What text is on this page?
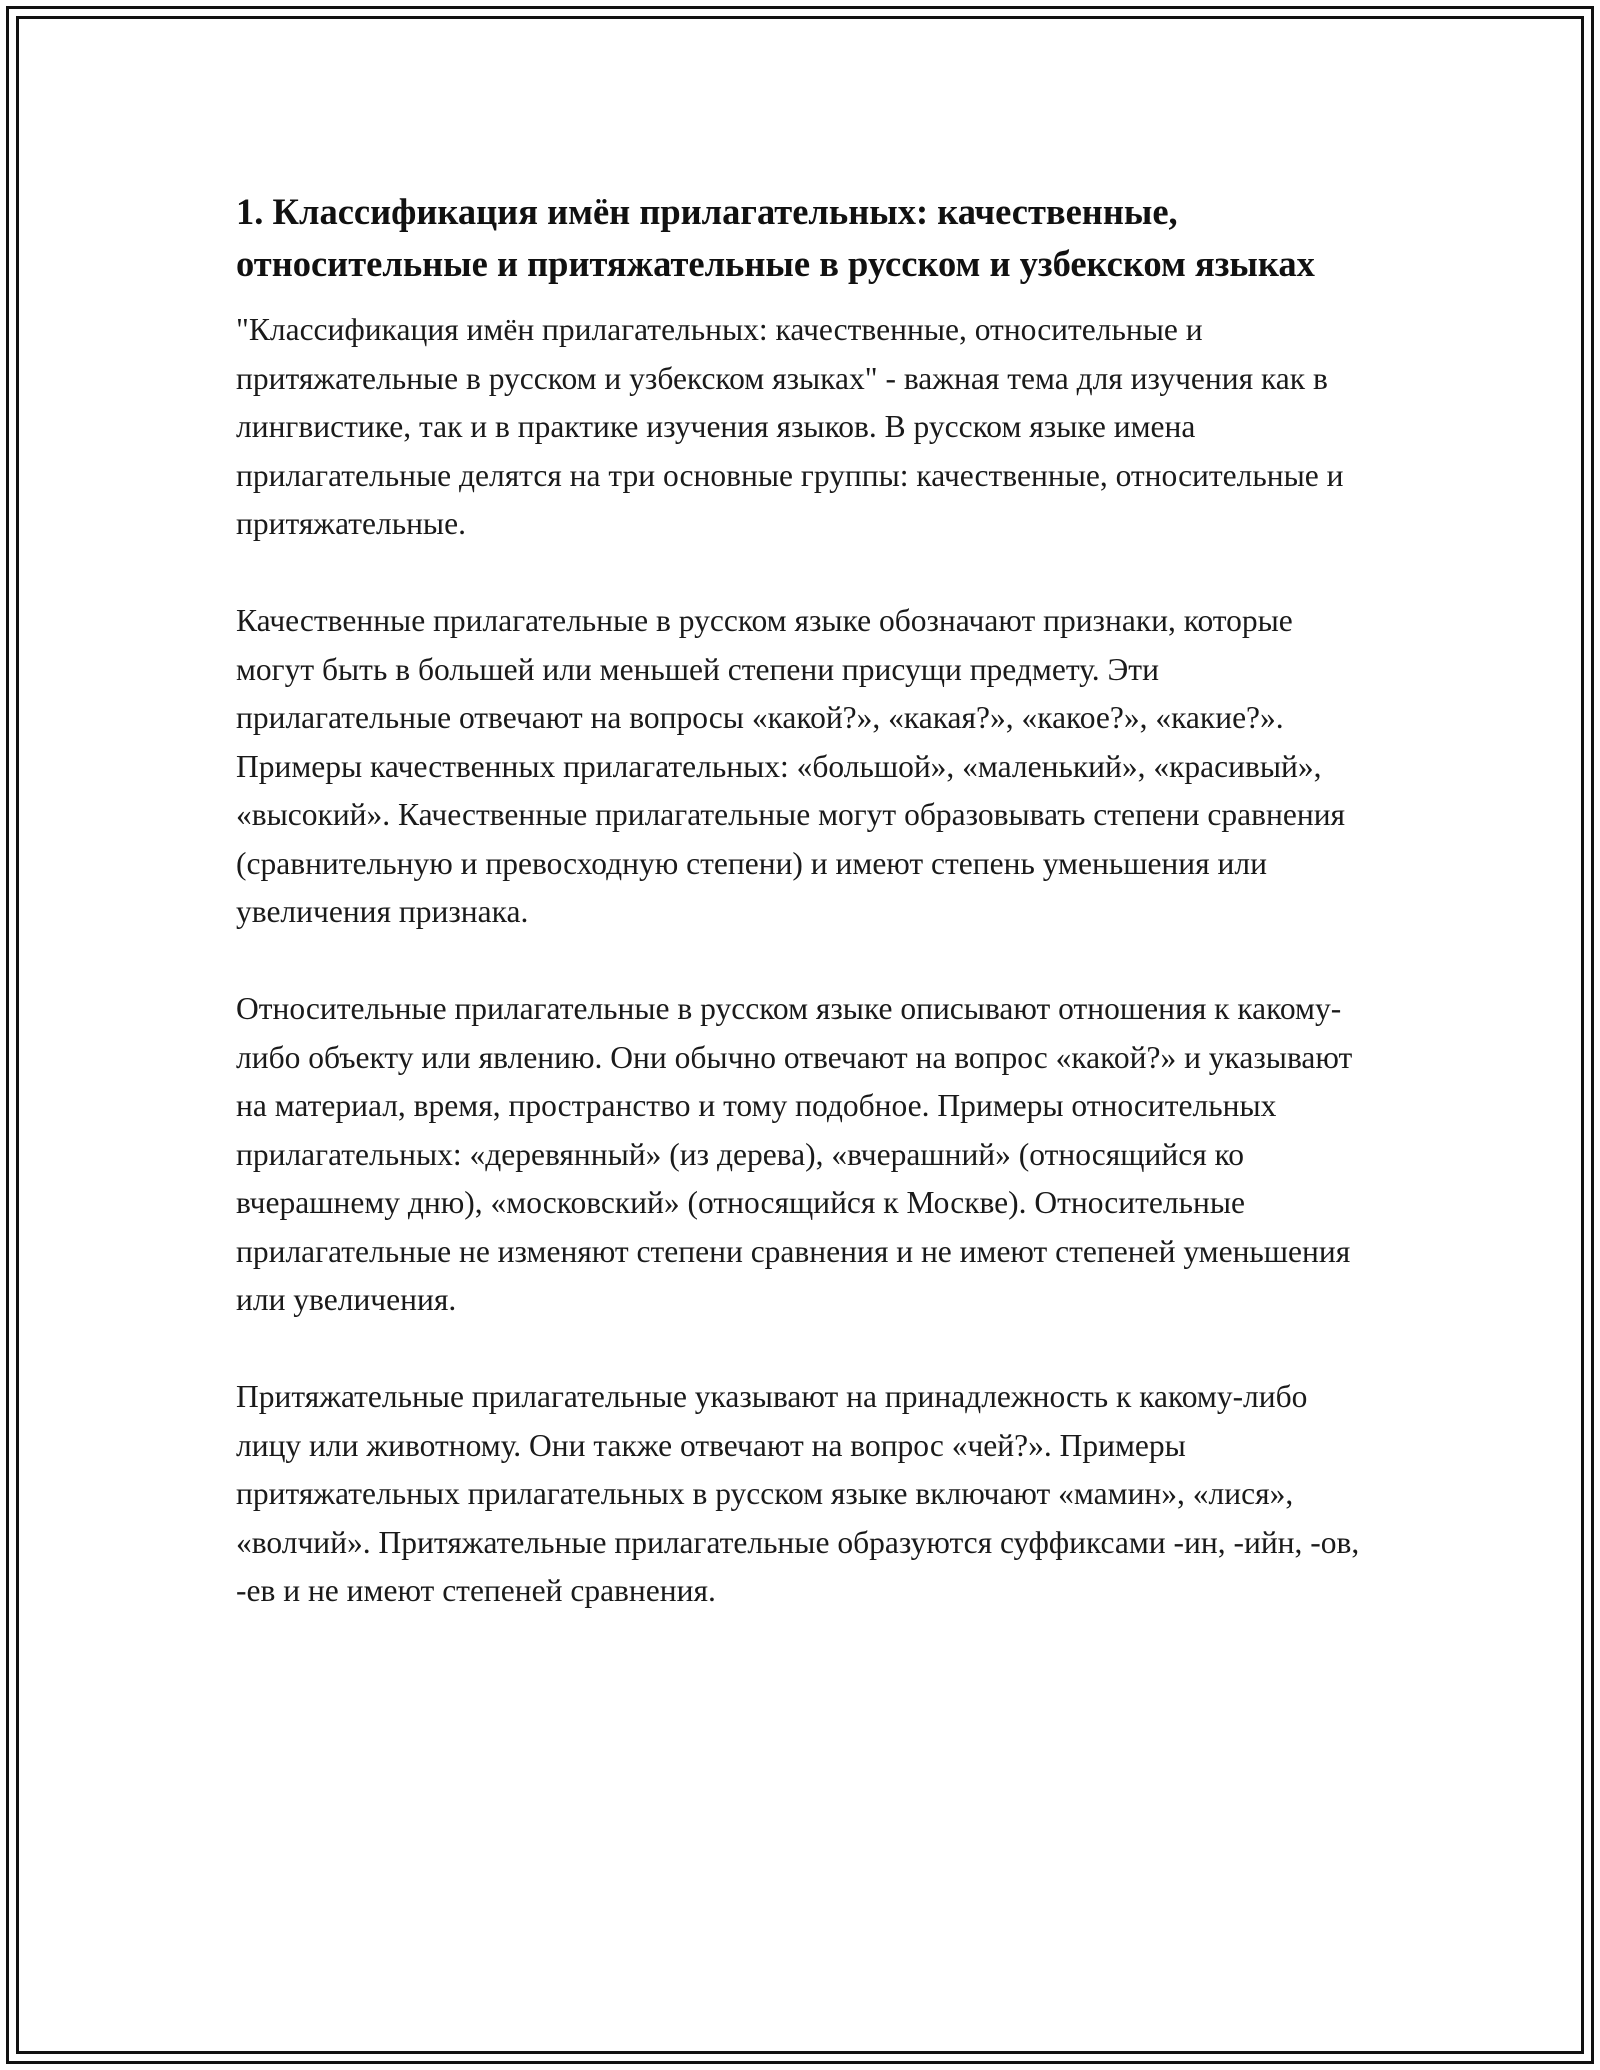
1. Классификация имён прилагательных: качественные, относительные и притяжательные в русском и узбекском языках

"Классификация имён прилагательных: качественные, относительные и притяжательные в русском и узбекском языках" - важная тема для изучения как в лингвистике, так и в практике изучения языков. В русском языке имена прилагательные делятся на три основные группы: качественные, относительные и притяжательные.

Качественные прилагательные в русском языке обозначают признаки, которые могут быть в большей или меньшей степени присущи предмету. Эти прилагательные отвечают на вопросы «какой?», «какая?», «какое?», «какие?». Примеры качественных прилагательных: «большой», «маленький», «красивый», «высокий». Качественные прилагательные могут образовывать степени сравнения (сравнительную и превосходную степени) и имеют степень уменьшения или увеличения признака.

Относительные прилагательные в русском языке описывают отношения к какому-либо объекту или явлению. Они обычно отвечают на вопрос «какой?» и указывают на материал, время, пространство и тому подобное. Примеры относительных прилагательных: «деревянный» (из дерева), «вчерашний» (относящийся ко вчерашнему дню), «московский» (относящийся к Москве). Относительные прилагательные не изменяют степени сравнения и не имеют степеней уменьшения или увеличения.

Притяжательные прилагательные указывают на принадлежность к какому-либо лицу или животному. Они также отвечают на вопрос «чей?». Примеры притяжательных прилагательных в русском языке включают «мамин», «лися», «волчий». Притяжательные прилагательные образуются суффиксами -ин, -ийн, -ов, -ев и не имеют степеней сравнения.
